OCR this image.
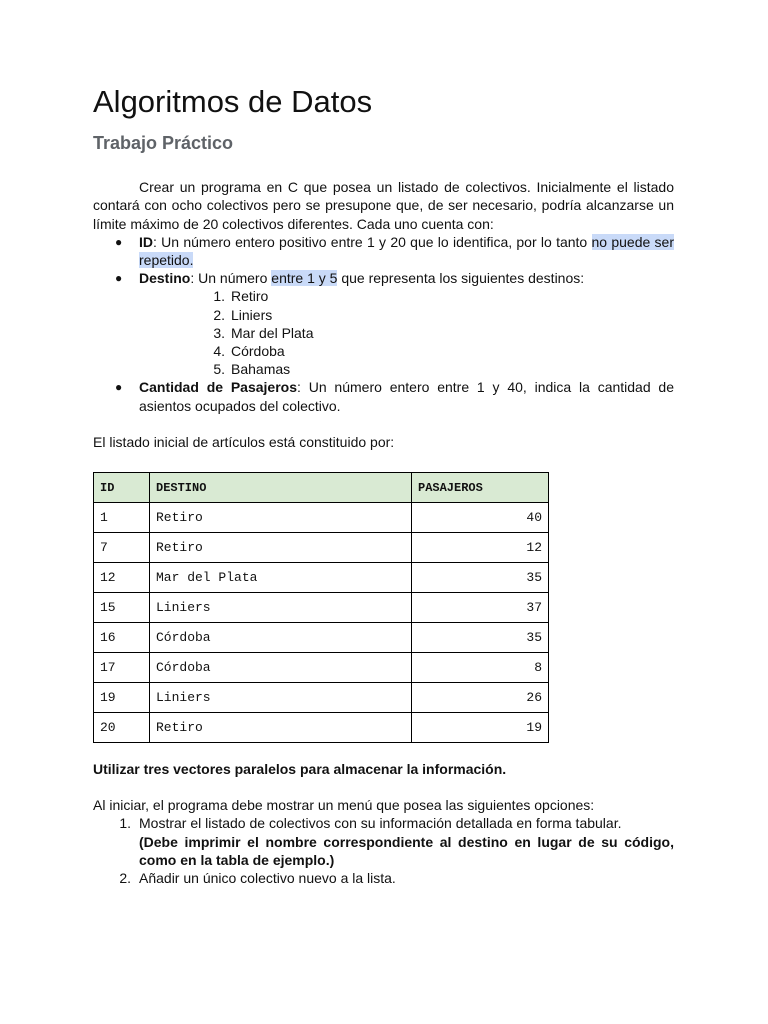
Algoritmos de Datos
Trabajo Práctico

Crear un programa en C que posea un listado de colectivos. Inicialmente el listado contará con ocho colectivos pero se presupone que, de ser necesario, podría alcanzarse un límite máximo de 20 colectivos diferentes. Cada uno cuenta con:

● ID: Un número entero positivo entre 1 y 20 que lo identifica, por lo tanto no puede ser repetido.
● Destino: Un número entre 1 y 5 que representa los siguientes destinos:
1. Retiro
2. Liniers
3. Mar del Plata
4. Córdoba
5. Bahamas
● Cantidad de Pasajeros: Un número entero entre 1 y 40, indica la cantidad de asientos ocupados del colectivo.

El listado inicial de artículos está constituido por:

ID	DESTINO	PASAJEROS
1	Retiro	40
7	Retiro	12
12	Mar del Plata	35
15	Liniers	37
16	Córdoba	35
17	Córdoba	8
19	Liniers	26
20	Retiro	19

Utilizar tres vectores paralelos para almacenar la información.

Al iniciar, el programa debe mostrar un menú que posea las siguientes opciones:

1. Mostrar el listado de colectivos con su información detallada en forma tabular.
(Debe imprimir el nombre correspondiente al destino en lugar de su código, como en la tabla de ejemplo.)
2. Añadir un único colectivo nuevo a la lista.
